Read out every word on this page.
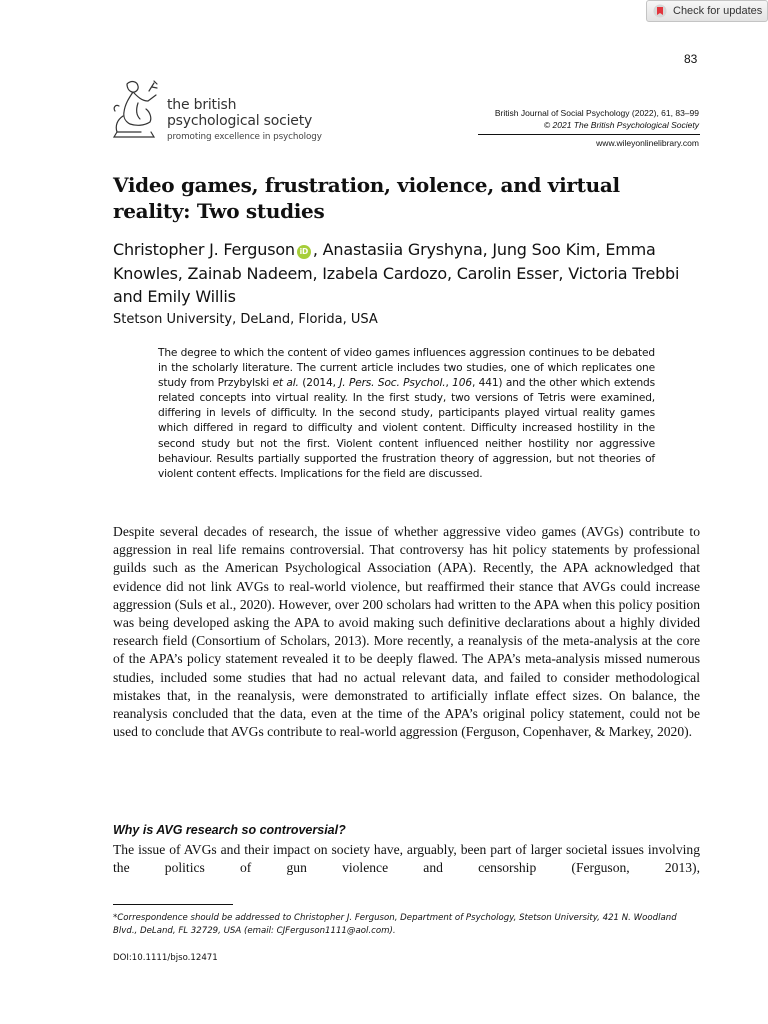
Check for updates
83
the british
psychological society
promoting excellence in psychology
British Journal of Social Psychology (2022), 61, 83–99
© 2021 The British Psychological Society
www.wileyonlinelibrary.com
Video games, frustration, violence, and virtual reality: Two studies
Christopher J. Ferguson iD , Anastasiia Gryshyna, Jung Soo Kim, Emma Knowles, Zainab Nadeem, Izabela Cardozo, Carolin Esser, Victoria Trebbi and Emily Willis
Stetson University, DeLand, Florida, USA
The degree to which the content of video games influences aggression continues to be debated in the scholarly literature. The current article includes two studies, one of which replicates one study from Przybylski et al. (2014, J. Pers. Soc. Psychol., 106, 441) and the other which extends related concepts into virtual reality. In the first study, two versions of Tetris were examined, differing in levels of difficulty. In the second study, participants played virtual reality games which differed in regard to difficulty and violent content. Difficulty increased hostility in the second study but not the first. Violent content influenced neither hostility nor aggressive behaviour. Results partially supported the frustration theory of aggression, but not theories of violent content effects. Implications for the field are discussed.
Despite several decades of research, the issue of whether aggressive video games (AVGs) contribute to aggression in real life remains controversial. That controversy has hit policy statements by professional guilds such as the American Psychological Association (APA). Recently, the APA acknowledged that evidence did not link AVGs to real-world violence, but reaffirmed their stance that AVGs could increase aggression (Suls et al., 2020). However, over 200 scholars had written to the APA when this policy position was being developed asking the APA to avoid making such definitive declarations about a highly divided research field (Consortium of Scholars, 2013). More recently, a reanalysis of the meta-analysis at the core of the APA’s policy statement revealed it to be deeply flawed. The APA’s meta-analysis missed numerous studies, included some studies that had no actual relevant data, and failed to consider methodological mistakes that, in the reanalysis, were demonstrated to artificially inflate effect sizes. On balance, the reanalysis concluded that the data, even at the time of the APA’s original policy statement, could not be used to conclude that AVGs contribute to real-world aggression (Ferguson, Copenhaver, & Markey, 2020).
Why is AVG research so controversial?
The issue of AVGs and their impact on society have, arguably, been part of larger societal issues involving the politics of gun violence and censorship (Ferguson, 2013),
*Correspondence should be addressed to Christopher J. Ferguson, Department of Psychology, Stetson University, 421 N. Woodland Blvd., DeLand, FL 32729, USA (email: CJFerguson1111@aol.com).
DOI:10.1111/bjso.12471
